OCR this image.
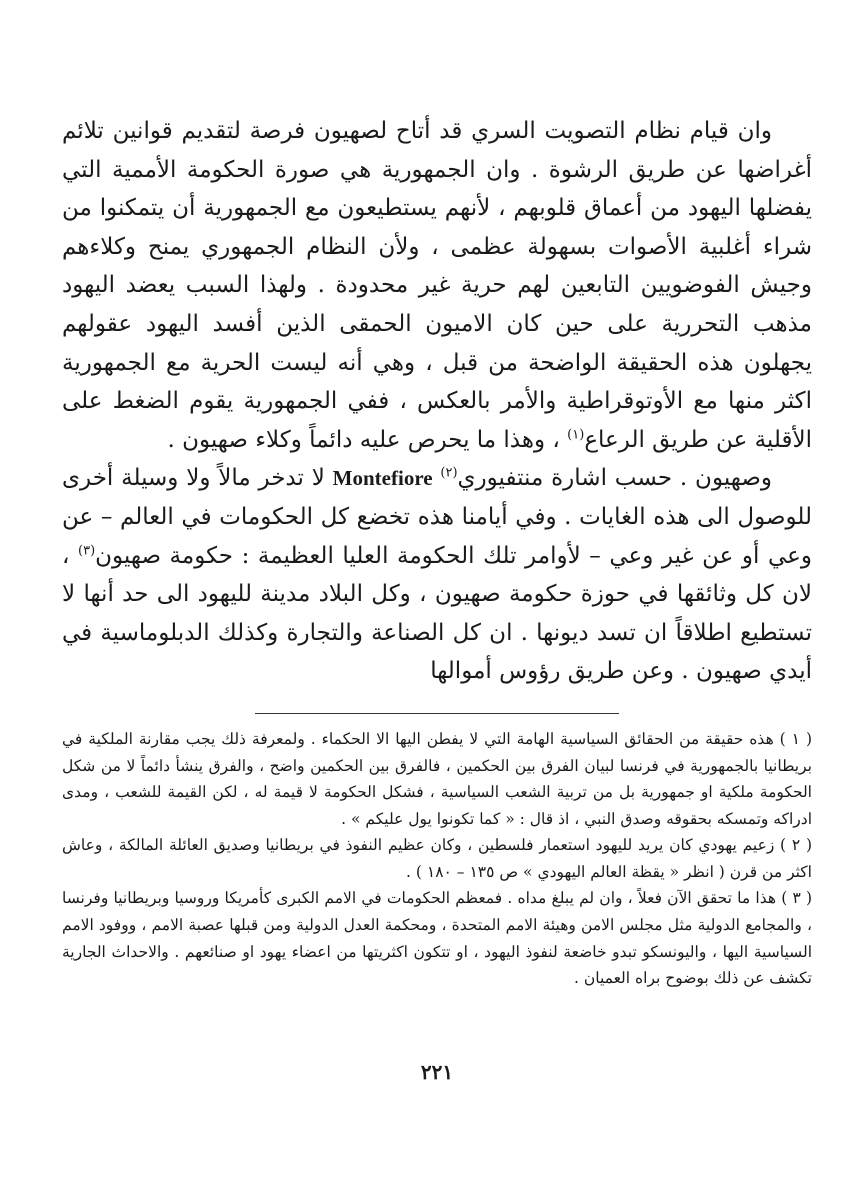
وان قيام نظام التصويت السري قد أتاح لصهيون فرصة لتقديم قوانين تلائم أغراضها عن طريق الرشوة . وان الجمهورية هي صورة الحكومة الأممية التي يفضلها اليهود من أعماق قلوبهم ، لأنهم يستطيعون مع الجمهورية أن يتمكنوا من شراء أغلبية الأصوات بسهولة عظمى ، ولأن النظام الجمهوري يمنح وكلاءهم وجيش الفوضويين التابعين لهم حرية غير محدودة . ولهذا السبب يعضد اليهود مذهب التحررية على حين كان الاميون الحمقى الذين أفسد اليهود عقولهم يجهلون هذه الحقيقة الواضحة من قبل ، وهي أنه ليست الحرية مع الجمهورية اكثر منها مع الأوتوقراطية والأمر بالعكس ، ففي الجمهورية يقوم الضغط على الأقلية عن طريق الرعاع$^{(١)}$ ، وهذا ما يحرص عليه دائماً وكلاء صهيون .

وصهيون . حسب اشارة منتفيوري$^{(٢)}$ Montefiore لا تدخر مالاً ولا وسيلة أخرى للوصول الى هذه الغايات . وفي أيامنا هذه تخضع كل الحكومات في العالم – عن وعي أو عن غير وعي – لأوامر تلك الحكومة العليا العظيمة : حكومة صهيون$^{(٣)}$ ، لان كل وثائقها في حوزة حكومة صهيون ، وكل البلاد مدينة لليهود الى حد أنها لا تستطيع اطلاقاً ان تسد ديونها . ان كل الصناعة والتجارة وكذلك الدبلوماسية في أيدي صهيون . وعن طريق رؤوس أموالها

( ١ ) هذه حقيقة من الحقائق السياسية الهامة التي لا يفطن اليها الا الحكماء . ولمعرفة ذلك يجب مقارنة الملكية في بريطانيا بالجمهورية في فرنسا لبيان الفرق بين الحكمين ، فالفرق بين الحكمين واضح ، والفرق ينشأ دائماً لا من شكل الحكومة ملكية او جمهورية بل من تربية الشعب السياسية ، فشكل الحكومة لا قيمة له ، لكن القيمة للشعب ، ومدى ادراكه وتمسكه بحقوقه وصدق النبي ، اذ قال : « كما تكونوا يول عليكم » .

( ٢ ) زعيم يهودي كان يريد لليهود استعمار فلسطين ، وكان عظيم النفوذ في بريطانيا وصديق العائلة المالكة ، وعاش اكثر من قرن ( انظر « يقظة العالم اليهودي » ص ١٣٥ – ١٨٠ ) .

( ٣ ) هذا ما تحقق الآن فعلاً ، وان لم يبلغ مداه . فمعظم الحكومات في الامم الكبرى كأمريكا وروسيا وبريطانيا وفرنسا ، والمجامع الدولية مثل مجلس الامن وهيئة الامم المتحدة ، ومحكمة العدل الدولية ومن قبلها عصبة الامم ، ووفود الامم السياسية اليها ، واليونسكو تبدو خاضعة لنفوذ اليهود ، او تتكون اكثريتها من اعضاء يهود او صنائعهم . والاحداث الجارية تكشف عن ذلك بوضوح براه العميان .

٢٢١
